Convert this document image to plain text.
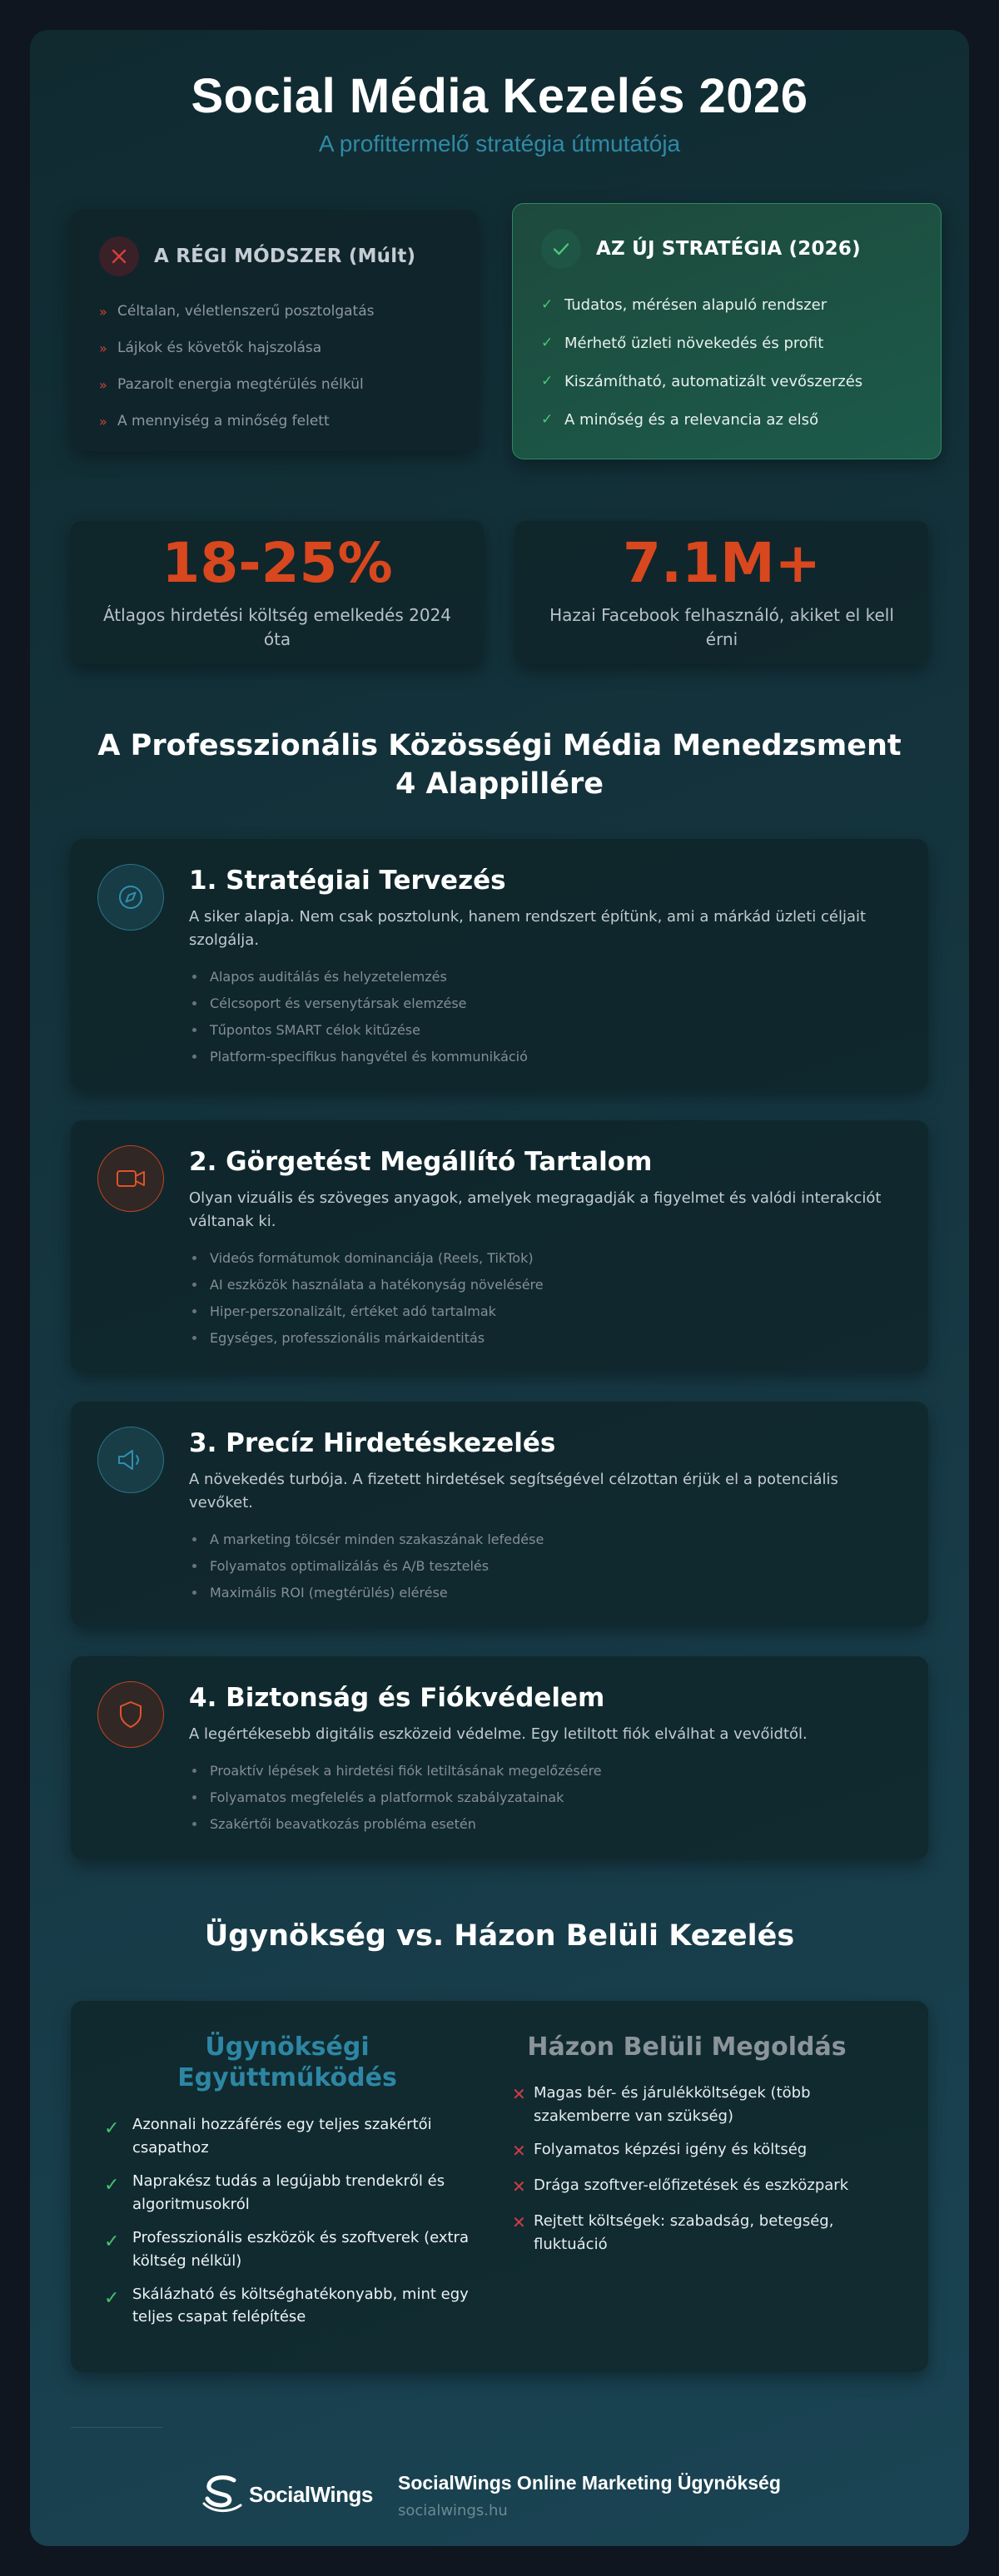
Social Média Kezelés 2026
A profittermelő stratégia útmutatója
A RÉGI MÓDSZER (Múlt)
» Céltalan, véletlenszerű posztolgatás
» Lájkok és követők hajszolása
» Pazarolt energia megtérülés nélkül
» A mennyiség a minőség felett
AZ ÚJ STRATÉGIA (2026)
✓ Tudatos, mérésen alapuló rendszer
✓ Mérhető üzleti növekedés és profit
✓ Kiszámítható, automatizált vevőszerzés
✓ A minőség és a relevancia az első
18-25%
Átlagos hirdetési költség emelkedés 2024 óta
7.1M+
Hazai Facebook felhasználó, akiket el kell érni
A Professzionális Közösségi Média Menedzsment 4 Alappillére
1. Stratégiai Tervezés
A siker alapja. Nem csak posztolunk, hanem rendszert építünk, ami a márkád üzleti céljait szolgálja.
Alapos auditálás és helyzetelemzés
Célcsoport és versenytársak elemzése
Tűpontos SMART célok kitűzése
Platform-specifikus hangvétel és kommunikáció
2. Görgetést Megállító Tartalom
Olyan vizuális és szöveges anyagok, amelyek megragadják a figyelmet és valódi interakciót váltanak ki.
Videós formátumok dominanciája (Reels, TikTok)
AI eszközök használata a hatékonyság növelésére
Hiper-perszonalizált, értéket adó tartalmak
Egységes, professzionális márkaidentitás
3. Precíz Hirdetéskezelés
A növekedés turbója. A fizetett hirdetések segítségével célzottan érjük el a potenciális vevőket.
A marketing tölcsér minden szakaszának lefedése
Folyamatos optimalizálás és A/B tesztelés
Maximális ROI (megtérülés) elérése
4. Biztonság és Fiókvédelem
A legértékesebb digitális eszközeid védelme. Egy letiltott fiók elválhat a vevőidtől.
Proaktív lépések a hirdetési fiók letiltásának megelőzésére
Folyamatos megfelelés a platformok szabályzatainak
Szakértői beavatkozás probléma esetén
Ügynökség vs. Házon Belüli Kezelés
Ügynökségi Együttműködés
✓ Azonnali hozzáférés egy teljes szakértői csapathoz
✓ Naprakész tudás a legújabb trendekről és algoritmusokról
✓ Professzionális eszközök és szoftverek (extra költség nélkül)
✓ Skálázható és költséghatékonyabb, mint egy teljes csapat felépítése
Házon Belüli Megoldás
✕ Magas bér- és járulékköltségek (több szakemberre van szükség)
✕ Folyamatos képzési igény és költség
✕ Drága szoftver-előfizetések és eszközpark
✕ Rejtett költségek: szabadság, betegség, fluktuáció
SocialWings SocialWings Online Marketing Ügynökség
socialwings.hu
